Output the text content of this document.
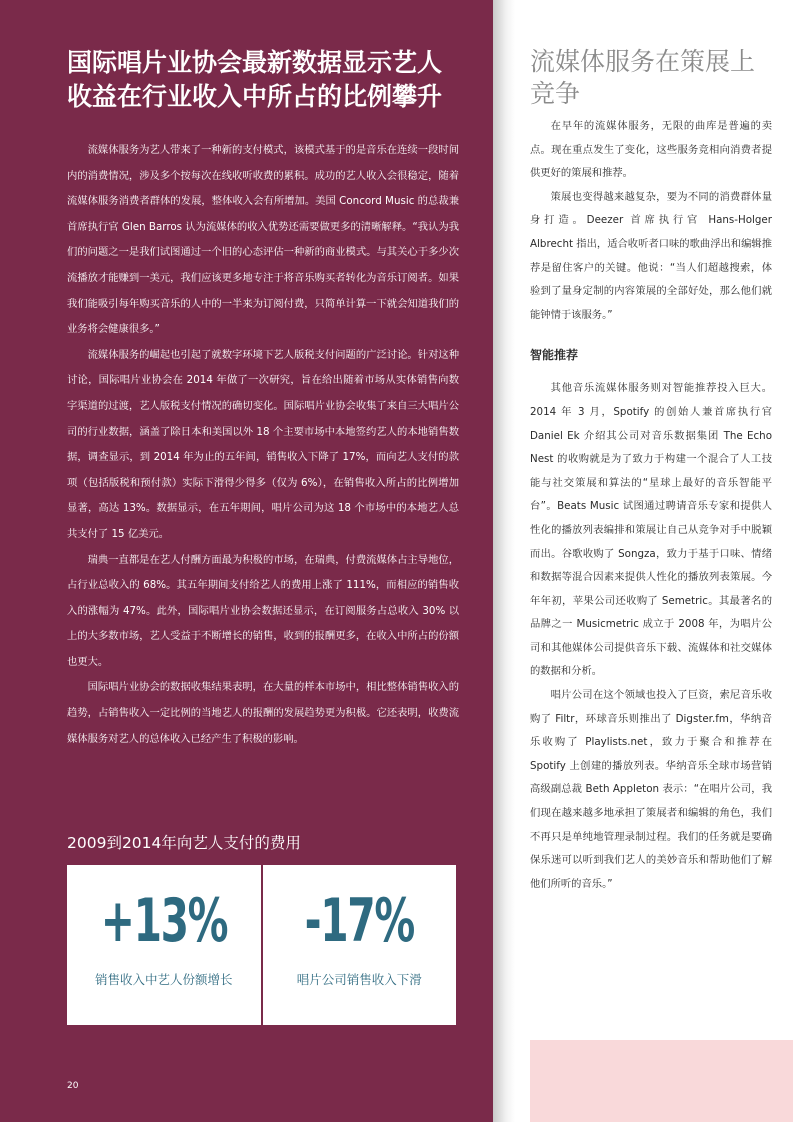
国际唱片业协会最新数据显示艺人
收益在行业收入中所占的比例攀升

流媒体服务为艺人带来了一种新的支付模式，该模式基于的是音乐在连续一段时间内的消费情况，涉及多个按每次在线收听收费的累积。成功的艺人收入会很稳定，随着流媒体服务消费者群体的发展，整体收入会有所增加。美国 Concord Music 的总裁兼首席执行官 Glen Barros 认为流媒体的收入优势还需要做更多的清晰解释。“我认为我们的问题之一是我们试图通过一个旧的心态评估一种新的商业模式。与其关心于多少次流播放才能赚到一美元，我们应该更多地专注于将音乐购买者转化为音乐订阅者。如果我们能吸引每年购买音乐的人中的一半来为订阅付费，只简单计算一下就会知道我们的业务将会健康很多。”

流媒体服务的崛起也引起了就数字环境下艺人版税支付问题的广泛讨论。针对这种讨论，国际唱片业协会在 2014 年做了一次研究，旨在给出随着市场从实体销售向数字渠道的过渡，艺人版税支付情况的确切变化。国际唱片业协会收集了来自三大唱片公司的行业数据，涵盖了除日本和美国以外 18 个主要市场中本地签约艺人的本地销售数据，调查显示，到 2014 年为止的五年间，销售收入下降了 17%，而向艺人支付的款项（包括版税和预付款）实际下滑得少得多（仅为 6%），在销售收入所占的比例增加显著，高达 13%。数据显示，在五年期间，唱片公司为这 18 个市场中的本地艺人总共支付了 15 亿美元。

瑞典一直都是在艺人付酬方面最为积极的市场，在瑞典，付费流媒体占主导地位，占行业总收入的 68%。其五年期间支付给艺人的费用上涨了 111%，而相应的销售收入的涨幅为 47%。此外，国际唱片业协会数据还显示，在订阅服务占总收入 30% 以上的大多数市场，艺人受益于不断增长的销售，收到的报酬更多，在收入中所占的份额也更大。

国际唱片业协会的数据收集结果表明，在大量的样本市场中，相比整体销售收入的趋势，占销售收入一定比例的当地艺人的报酬的发展趋势更为积极。它还表明，收费流媒体服务对艺人的总体收入已经产生了积极的影响。

2009到2014年向艺人支付的费用
+13%
销售收入中艺人份额增长
-17%
唱片公司销售收入下滑
20
流媒体服务在策展上竞争

在早年的流媒体服务，无限的曲库是普遍的卖点。现在重点发生了变化，这些服务竞相向消费者提供更好的策展和推荐。

策展也变得越来越复杂，要为不同的消费群体量身打造。Deezer 首席执行官 Hans-Holger Albrecht 指出，适合收听者口味的歌曲浮出和编辑推荐是留住客户的关键。他说：“当人们超越搜索，体验到了量身定制的内容策展的全部好处，那么他们就能钟情于该服务。”

智能推荐

其他音乐流媒体服务则对智能推荐投入巨大。2014 年 3 月，Spotify 的创始人兼首席执行官 Daniel Ek 介绍其公司对音乐数据集团 The Echo Nest 的收购就是为了致力于构建一个混合了人工技能与社交策展和算法的“星球上最好的音乐智能平台”。Beats Music 试图通过聘请音乐专家和提供人性化的播放列表编排和策展让自己从竞争对手中脱颖而出。谷歌收购了 Songza，致力于基于口味、情绪和数据等混合因素来提供人性化的播放列表策展。今年年初，苹果公司还收购了 Semetric。其最著名的品牌之一 Musicmetric 成立于 2008 年，为唱片公司和其他媒体公司提供音乐下载、流媒体和社交媒体的数据和分析。

唱片公司在这个领域也投入了巨资，索尼音乐收购了 Filtr，环球音乐则推出了 Digster.fm，华纳音乐收购了 Playlists.net，致力于聚合和推荐在 Spotify 上创建的播放列表。华纳音乐全球市场营销高级副总裁 Beth Appleton 表示：“在唱片公司，我们现在越来越多地承担了策展者和编辑的角色，我们不再只是单纯地管理录制过程。我们的任务就是要确保乐迷可以听到我们艺人的美妙音乐和帮助他们了解他们所听的音乐。”
